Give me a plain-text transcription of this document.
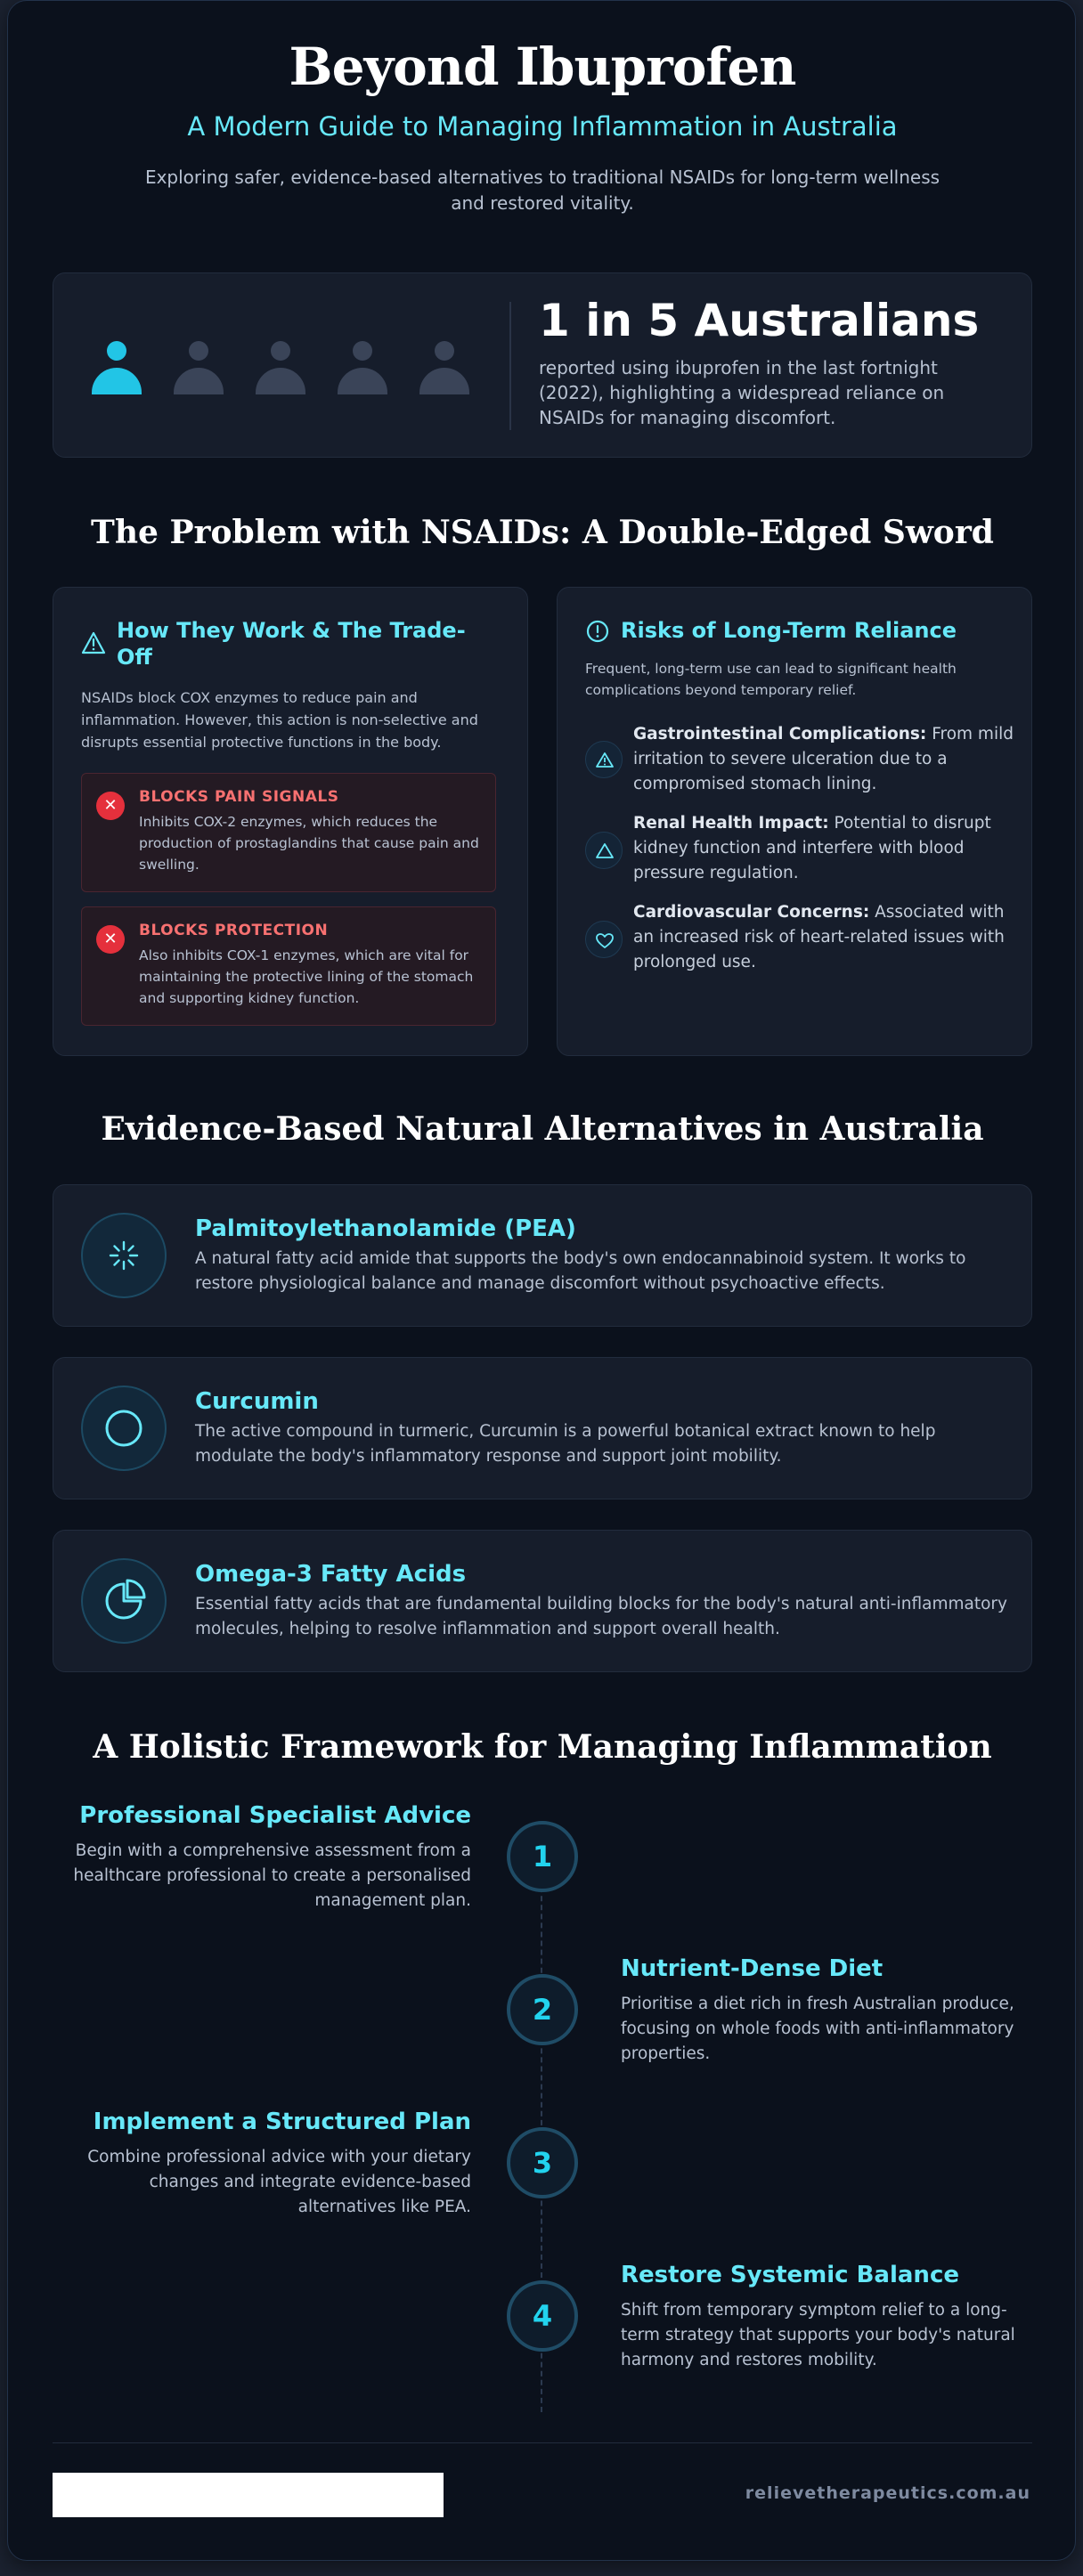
Beyond Ibuprofen
A Modern Guide to Managing Inflammation in Australia
Exploring safer, evidence-based alternatives to traditional NSAIDs for long-term wellness and restored vitality.
1 in 5 Australians
reported using ibuprofen in the last fortnight (2022), highlighting a widespread reliance on NSAIDs for managing discomfort.
The Problem with NSAIDs: A Double-Edged Sword
How They Work & The Trade-
Off
NSAIDs block COX enzymes to reduce pain and inflammation. However, this action is non-selective and disrupts essential protective functions in the body.
✕	BLOCKS PAIN SIGNALS
Inhibits COX-2 enzymes, which reduces the production of prostaglandins that cause pain and swelling.
✕	BLOCKS PROTECTION
Also inhibits COX-1 enzymes, which are vital for maintaining the protective lining of the stomach and supporting kidney function.
Risks of Long-Term Reliance
Frequent, long-term use can lead to significant health complications beyond temporary relief.
Gastrointestinal Complications: From mild irritation to severe ulceration due to a compromised stomach lining.
Renal Health Impact: Potential to disrupt kidney function and interfere with blood pressure regulation.
Cardiovascular Concerns: Associated with an increased risk of heart-related issues with prolonged use.
Evidence-Based Natural Alternatives in Australia
Palmitoylethanolamide (PEA)
A natural fatty acid amide that supports the body's own endocannabinoid system. It works to restore physiological balance and manage discomfort without psychoactive effects.
Curcumin
The active compound in turmeric, Curcumin is a powerful botanical extract known to help modulate the body's inflammatory response and support joint mobility.
Omega-3 Fatty Acids
Essential fatty acids that are fundamental building blocks for the body's natural anti-inflammatory molecules, helping to resolve inflammation and support overall health.
A Holistic Framework for Managing Inflammation
Professional Specialist Advice
Begin with a comprehensive assessment from a healthcare professional to create a personalised management plan.
1
2
Nutrient-Dense Diet
Prioritise a diet rich in fresh Australian produce, focusing on whole foods with anti-inflammatory properties.
Implement a Structured Plan
Combine professional advice with your dietary changes and integrate evidence-based alternatives like PEA.
3
4
Restore Systemic Balance
Shift from temporary symptom relief to a long-term strategy that supports your body's natural harmony and restores mobility.
relievetherapeutics.com.au
